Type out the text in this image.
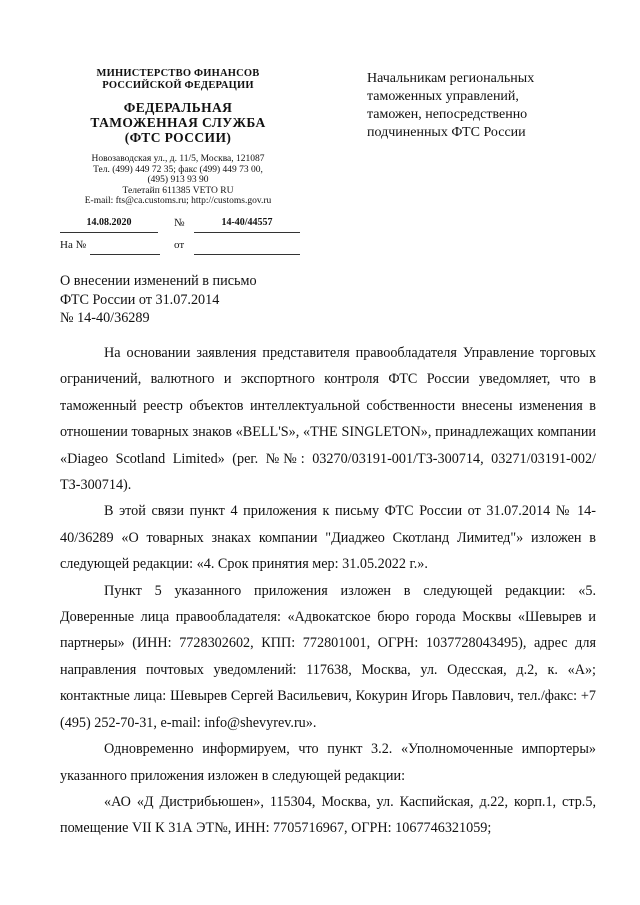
МИНИСТЕРСТВО ФИНАНСОВ
РОССИЙСКОЙ ФЕДЕРАЦИИ
ФЕДЕРАЛЬНАЯ
ТАМОЖЕННАЯ СЛУЖБА
(ФТС РОССИИ)
Новозаводская ул., д. 11/5, Москва, 121087
Тел. (499) 449 72 35; факс (499) 449 73 00,
(495) 913 93 90
Телетайп 611385 VETO RU
E-mail: fts@ca.customs.ru; http://customs.gov.ru
14.08.2020	№	14-40/44557
На №	от
Начальникам региональных
таможенных управлений,
таможен, непосредственно
подчиненных ФТС России
О внесении изменений в письмо
ФТС России от 31.07.2014
№ 14-40/36289

На основании заявления представителя правообладателя Управление торговых ограничений, валютного и экспортного контроля ФТС России уведомляет, что в таможенный реестр объектов интеллектуальной собственности внесены изменения в отношении товарных знаков «BELL'S», «THE SINGLETON», принадлежащих компании «Diageo Scotland Limited» (рег. №№: 03270/03191-001/ТЗ-300714, 03271/03191-002/ТЗ-300714).

В этой связи пункт 4 приложения к письму ФТС России от 31.07.2014 № 14-40/36289 «О товарных знаках компании "Диаджео Скотланд Лимитед"» изложен в следующей редакции: «4. Срок принятия мер: 31.05.2022 г.».

Пункт 5 указанного приложения изложен в следующей редакции: «5. Доверенные лица правообладателя: «Адвокатское бюро города Москвы «Шевырев и партнеры» (ИНН: 7728302602, КПП: 772801001, ОГРН: 1037728043495), адрес для направления почтовых уведомлений: 117638, Москва, ул. Одесская, д.2, к. «А»; контактные лица: Шевырев Сергей Васильевич, Кокурин Игорь Павлович, тел./факс: +7 (495) 252-70-31, e-mail: info@shevyrev.ru».

Одновременно информируем, что пункт 3.2. «Уполномоченные импортеры» указанного приложения изложен в следующей редакции:

«АО «Д Дистрибьюшен», 115304, Москва, ул. Каспийская, д.22, корп.1, стр.5, помещение VII К 31А ЭТ№, ИНН: 7705716967, ОГРН: 1067746321059;
